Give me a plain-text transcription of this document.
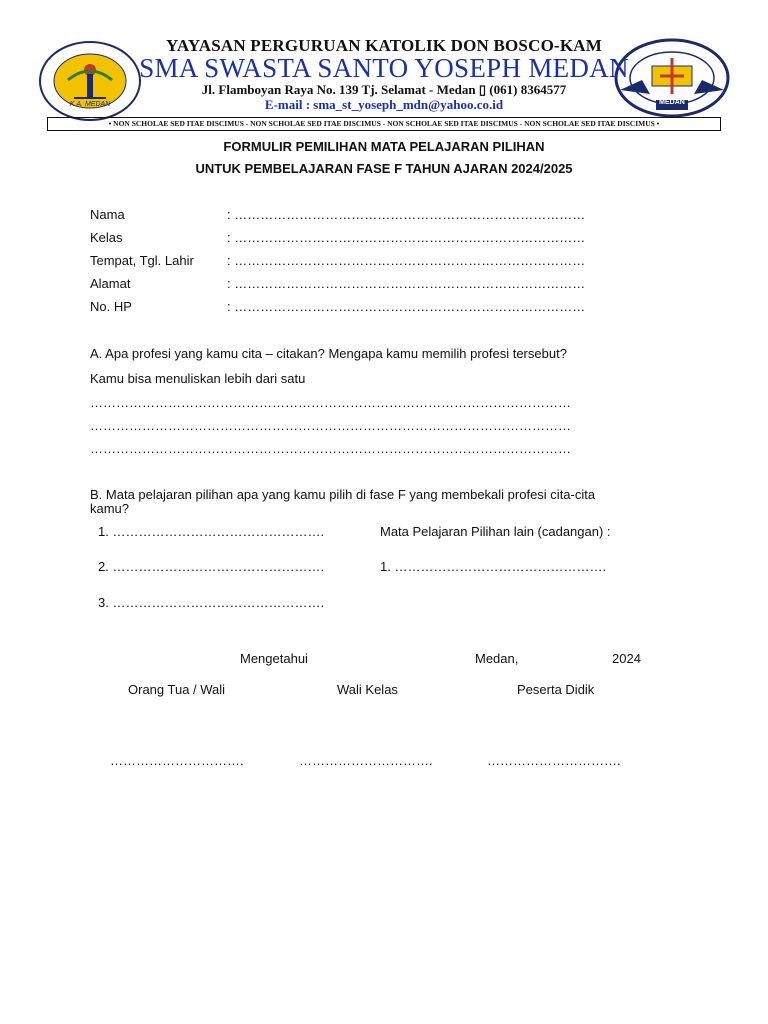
K.A. MEDAN	MEDAN
YAYASAN PERGURUAN KATOLIK DON BOSCO-KAM
SMA SWASTA SANTO YOSEPH MEDAN
Jl. Flamboyan Raya No. 139 Tj. Selamat - Medan ▯ (061) 8364577
E-mail : sma_st_yoseph_mdn@yahoo.co.id
• NON SCHOLAE SED ITAE DISCIMUS - NON SCHOLAE SED ITAE DISCIMUS - NON SCHOLAE SED ITAE DISCIMUS - NON SCHOLAE SED ITAE DISCIMUS •
FORMULIR PEMILIHAN MATA PELAJARAN PILIHAN
UNTUK PEMBELAJARAN FASE F TAHUN AJARAN 2024/2025
Nama	: ………………………………………………………………………
Kelas	: ………………………………………………………………………
Tempat, Tgl. Lahir	: ………………………………………………………………………
Alamat	: ………………………………………………………………………
No. HP	: ………………………………………………………………………
A. Apa profesi yang kamu cita – citakan? Mengapa kamu memilih profesi tersebut?
Kamu bisa menuliskan lebih dari satu
…………………………………………………………………………………………………
…………………………………………………………………………………………………
…………………………………………………………………………………………………
B. Mata pelajaran pilihan apa yang kamu pilih di fase F yang membekali profesi cita-cita
kamu?
1. ………………………………………….	Mata Pelajaran Pilihan lain (cadangan) :
2. ………………………………………….	1. ………………………………………….
3. ………………………………………….
Mengetahui	Medan,	2024
Orang Tua / Wali	Wali Kelas	Peserta Didik
………………………….	………………………….	………………………….
